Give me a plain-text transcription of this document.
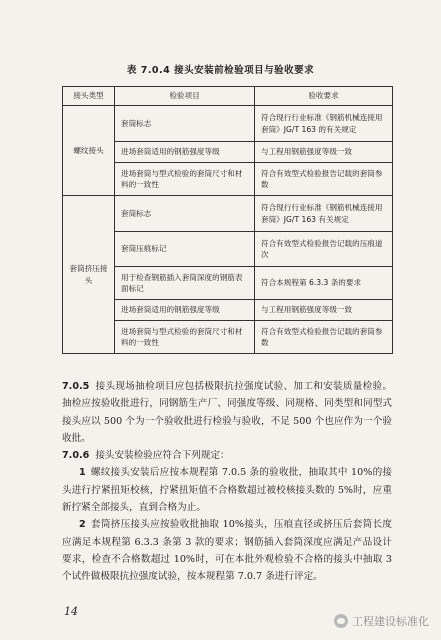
表 7.0.4 接头安装前检验项目与验收要求
接头类型	检验项目	验收要求
螺纹接头	套筒标志	符合现行行业标准《钢筋机械连接用套筒》JG/T 163 的有关规定
	进场套筒适用的钢筋强度等级	与工程用钢筋强度等级一致
	进场套筒与型式检验的套筒尺寸和材料的一致性	符合有效型式检验报告记载的套筒参数
套筒挤压接头	套筒标志	符合现行行业标准《钢筋机械连接用套筒》JG/T 163 有关规定
	套筒压痕标记	符合有效型式检验报告记载的压痕道次
	用于检查钢筋插入套筒深度的钢筋表面标记	符合本规程第 6.3.3 条的要求
	进场套筒适用的钢筋强度等级	与工程用钢筋强度等级一致
	进场套筒与型式检验的套筒尺寸和材料的一致性	符合有效型式检验报告记载的套筒参数

7.0.5 接头现场抽检项目应包括极限抗拉强度试验、加工和安装质量检验。抽检应按验收批进行，同钢筋生产厂、同强度等级、同规格、同类型和同型式接头应以 500 个为一个验收批进行检验与验收，不足 500 个也应作为一个验收批。

7.0.6 接头安装检验应符合下列规定：

1 螺纹接头安装后应按本规程第 7.0.5 条的验收批，抽取其中 10%的接头进行拧紧扭矩校核，拧紧扭矩值不合格数超过被校核接头数的 5%时，应重新拧紧全部接头，直到合格为止。

2 套筒挤压接头应按验收批抽取 10%接头，压痕直径或挤压后套筒长度应满足本规程第 6.3.3 条第 3 款的要求；钢筋插入套筒深度应满足产品设计要求，检查不合格数超过 10%时，可在本批外观检验不合格的接头中抽取 3 个试件做极限抗拉强度试验，按本规程第 7.0.7 条进行评定。

14
工程建设标准化
